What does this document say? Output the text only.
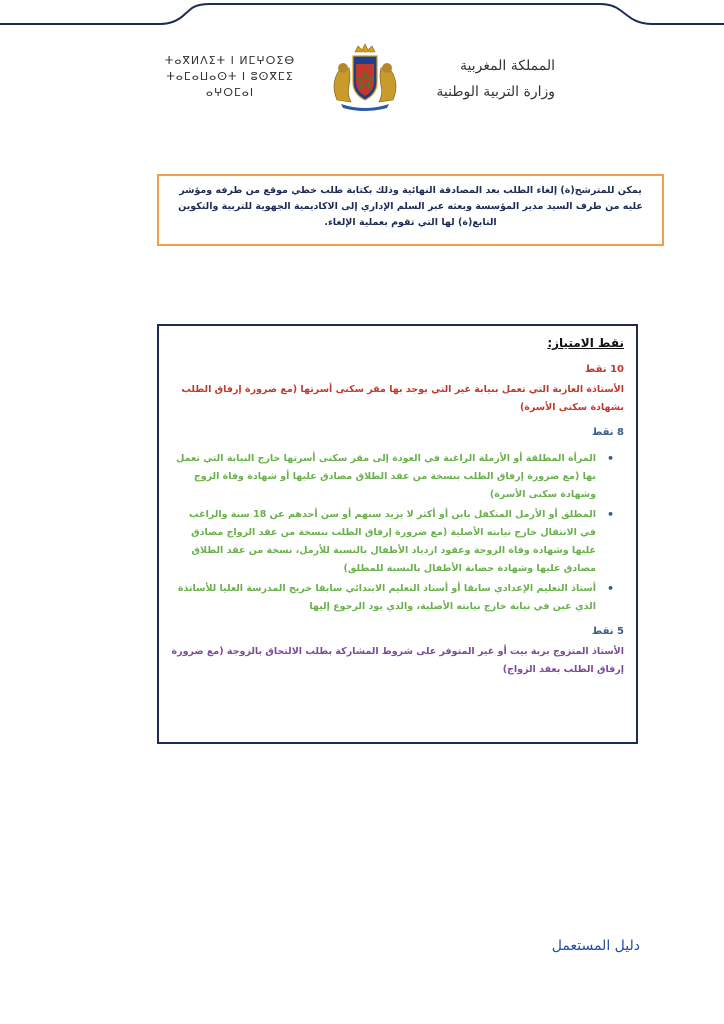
ⵜⴰⴳⵍⴷⵉⵜ ⵏ ⵍⵎⵖⵔⵉⴱ
ⵜⴰⵎⴰⵡⴰⵙⵜ ⵏ ⵓⵙⴳⵎⵉ
ⴰⵖⵔⵎⴰⵏ
المملكة المغربية
وزارة التربية الوطنية

يمكن للمترشح(ة) إلغاء الطلب بعد المصادقة النهائية وذلك بكتابة طلب خطي موقع من طرفه ومؤشر عليه من طرف السيد مدير المؤسسة وبعثه عبر السلم الإداري إلى الاكاديمية الجهوية للتربية والتكوين التابع(ة) لها التي تقوم بعملية الإلغاء.

نقط الامتياز:
10 نقط

الأستاذة العازبة التي تعمل بنيابة غير التي يوجد بها مقر سكنى أسرتها (مع ضرورة إرفاق الطلب بشهادة سكنى الأسرة)

8 نقط
• المرأة المطلقة أو الأرملة الراغبة في العودة إلى مقر سكنى أسرتها خارج النيابة التي تعمل بها (مع ضرورة إرفاق الطلب بنسخة من عقد الطلاق مصادق عليها أو شهادة وفاة الزوج وشهادة سكنى الأسرة)
• المطلق أو الأرمل المتكفل بابن أو أكثر لا يزيد سنهم أو سن أحدهم عن 18 سنة والراغب في الانتقال خارج نيابته الأصلية (مع ضرورة إرفاق الطلب بنسخة من عقد الزواج مصادق عليها وشهادة وفاة الزوجة وعقود ازدياد الأطفال بالنسبة للأرمل، نسخة من عقد الطلاق مصادق عليها وشهادة حضانة الأطفال بالنسبة للمطلق)
• أستاذ التعليم الإعدادي سابقا أو أستاذ التعليم الابتدائي سابقا خريج المدرسة العليا للأساتذة الذي عين في نيابة خارج نيابته الأصلية، والذي يود الرجوع إليها
5 نقط

الأستاذ المتزوج بربة بيت أو غير المتوفر على شروط المشاركة بطلب الالتحاق بالزوجة (مع ضرورة إرفاق الطلب بعقد الزواج)

دليل المستعمل
